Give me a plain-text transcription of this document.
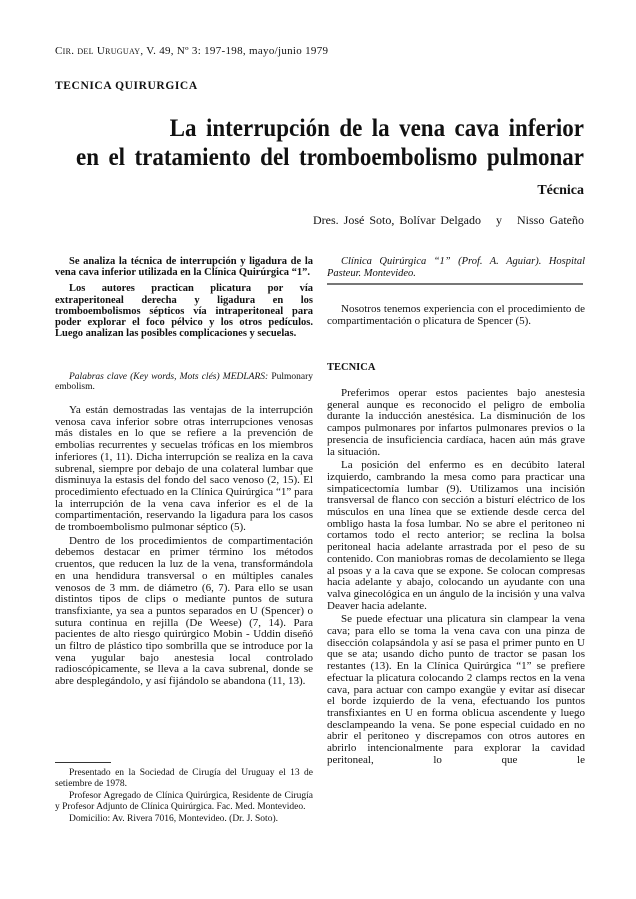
Cir. del Uruguay, V. 49, Nº 3: 197-198, mayo/junio 1979
TECNICA QUIRURGICA
La interrupción de la vena cava inferior
en el tratamiento del tromboembolismo pulmonar
Técnica
Dres. José Soto, Bolívar Delgado   y   Nisso Gateño

Se analiza la técnica de interrupción y ligadura de la vena cava inferior utilizada en la Clínica Quirúrgica “1”.

Los autores practican plicatura por vía extraperitoneal derecha y ligadura en los tromboembolismos sépticos vía intraperitoneal para poder explorar el foco pélvico y los otros pedículos. Luego analizan las posibles complicaciones y secuelas.

Palabras clave (Key words, Mots clés) MEDLARS: Pulmonary embolism.

Ya están demostradas las ventajas de la interrupción venosa cava inferior sobre otras interrupciones venosas más distales en lo que se refiere a la prevención de embolias recurrentes y secuelas tróficas en los miembros inferiores (1, 11). Dicha interrupción se realiza en la cava subrenal, siempre por debajo de una colateral lumbar que disminuya la estasis del fondo del saco venoso (2, 15). El procedimiento efectuado en la Clínica Quirúrgica “1” para la interrupción de la vena cava inferior es el de la compartimentación, reservando la ligadura para los casos de tromboembolismo pulmonar séptico (5).

Dentro de los procedimientos de compartimentación debemos destacar en primer término los métodos cruentos, que reducen la luz de la vena, transformándola en una hendidura transversal o en múltiples canales venosos de 3 mm. de diámetro (6, 7). Para ello se usan distintos tipos de clips o mediante puntos de sutura transfixiante, ya sea a puntos separados en U (Spencer) o sutura continua en rejilla (De Weese) (7, 14). Para pacientes de alto riesgo quirúrgico Mobin - Uddin diseñó un filtro de plástico tipo sombrilla que se introduce por la vena yugular bajo anestesia local controlado radioscópicamente, se lleva a la cava subrenal, donde se abre desplegándolo, y así fijándolo se abandona (11, 13).

Presentado en la Sociedad de Cirugía del Uruguay el 13 de setiembre de 1978.

Profesor Agregado de Clínica Quirúrgica, Residente de Cirugía y Profesor Adjunto de Clínica Quirúrgica. Fac. Med. Montevideo.

Domicilio: Av. Rivera 7016, Montevideo. (Dr. J. Soto).

Clínica Quirúrgica “1” (Prof. A. Aguiar). Hospital Pasteur. Montevideo.

Nosotros tenemos experiencia con el procedimiento de compartimentación o plicatura de Spencer (5).

TECNICA

Preferimos operar estos pacientes bajo anestesia general aunque es reconocido el peligro de embolia durante la inducción anestésica. La disminución de los campos pulmonares por infartos pulmonares previos o la presencia de insuficiencia cardíaca, hacen aún más grave la situación.

La posición del enfermo es en decúbito lateral izquierdo, cambrando la mesa como para practicar una simpaticectomía lumbar (9). Utilizamos una incisión transversal de flanco con sección a bisturí eléctrico de los músculos en una línea que se extiende desde cerca del ombligo hasta la fosa lumbar. No se abre el peritoneo ni cortamos todo el recto anterior; se reclina la bolsa peritoneal hacia adelante arrastrada por el peso de su contenido. Con maniobras romas de decolamiento se llega al psoas y a la cava que se expone. Se colocan compresas hacia adelante y abajo, colocando un ayudante con una valva ginecológica en un ángulo de la incisión y una valva Deaver hacia adelante.

Se puede efectuar una plicatura sin clampear la vena cava; para ello se toma la vena cava con una pinza de disección colapsándola y así se pasa el primer punto en U que se ata; usando dicho punto de tractor se pasan los restantes (13). En la Clínica Quirúrgica “1” se prefiere efectuar la plicatura colocando 2 clamps rectos en la vena cava, para actuar con campo exangüe y evitar así disecar el borde izquierdo de la vena, efectuando los puntos transfixiantes en U en forma oblicua ascendente y luego desclampeando la vena. Se pone especial cuidado en no abrir el peritoneo y discrepamos con otros autores en abrirlo intencionalmente para explorar la cavidad peritoneal, lo que le
